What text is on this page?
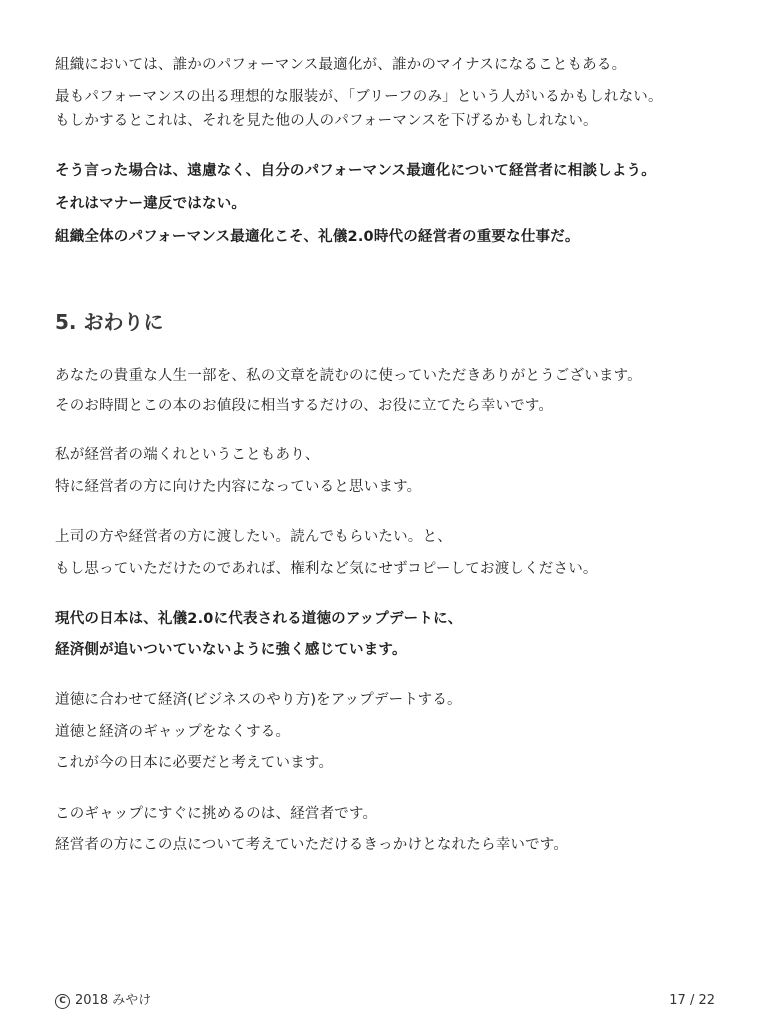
組織においては、誰かのパフォーマンス最適化が、誰かのマイナスになることもある。
最もパフォーマンスの出る理想的な服装が、「ブリーフのみ」という人がいるかもしれない。
もしかするとこれは、それを見た他の人のパフォーマンスを下げるかもしれない。
そう言った場合は、遠慮なく、自分のパフォーマンス最適化について経営者に相談しよう。
それはマナー違反ではない。
組織全体のパフォーマンス最適化こそ、礼儀2.0時代の経営者の重要な仕事だ。
5. おわりに
あなたの貴重な人生一部を、私の文章を読むのに使っていただきありがとうございます。
そのお時間とこの本のお値段に相当するだけの、お役に立てたら幸いです。
私が経営者の端くれということもあり、
特に経営者の方に向けた内容になっていると思います。
上司の方や経営者の方に渡したい。読んでもらいたい。と、
もし思っていただけたのであれば、権利など気にせずコピーしてお渡しください。
現代の日本は、礼儀2.0に代表される道徳のアップデートに、
経済側が追いついていないように強く感じています。
道徳に合わせて経済(ビジネスのやり方)をアップデートする。
道徳と経済のギャップをなくする。
これが今の日本に必要だと考えています。
このギャップにすぐに挑めるのは、経営者です。
経営者の方にこの点について考えていただけるきっかけとなれたら幸いです。
C 2018 みやけ	17 / 22
